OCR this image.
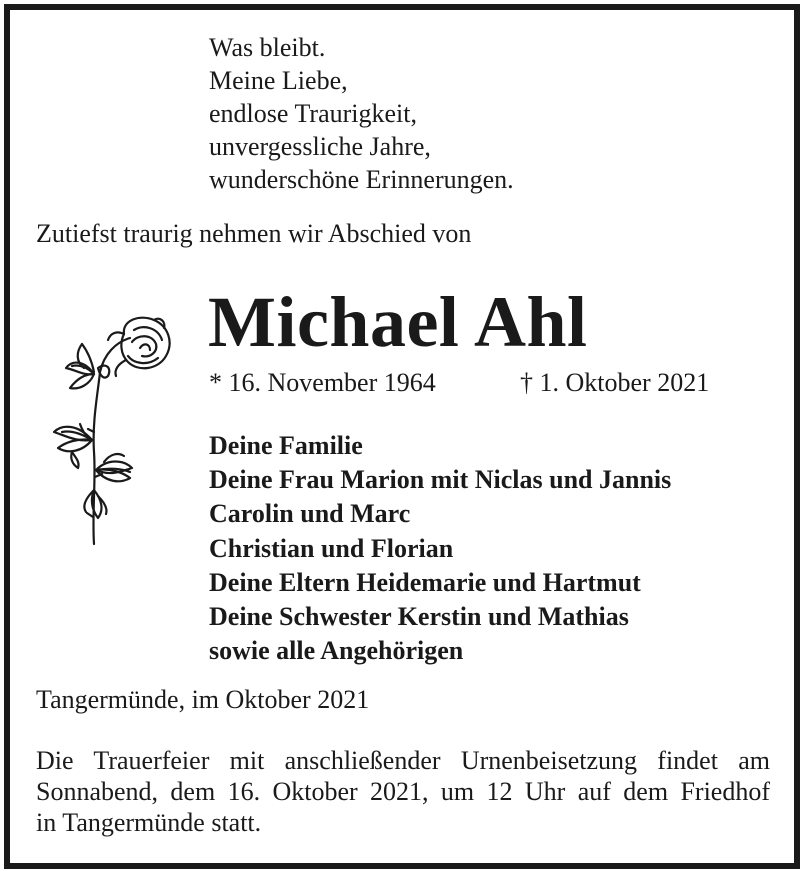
Was bleibt.
Meine Liebe,
endlose Traurigkeit,
unvergessliche Jahre,
wunderschöne Erinnerungen.
Zutiefst traurig nehmen wir Abschied von
Michael Ahl
* 16. November 1964	† 1. Oktober 2021
Deine Familie
Deine Frau Marion mit Niclas und Jannis
Carolin und Marc
Christian und Florian
Deine Eltern Heidemarie und Hartmut
Deine Schwester Kerstin und Mathias
sowie alle Angehörigen
Tangermünde, im Oktober 2021
Die Trauerfeier mit anschließender Urnenbeisetzung findet am
Sonnabend, dem 16. Oktober 2021, um 12 Uhr auf dem Friedhof
in Tangermünde statt.
